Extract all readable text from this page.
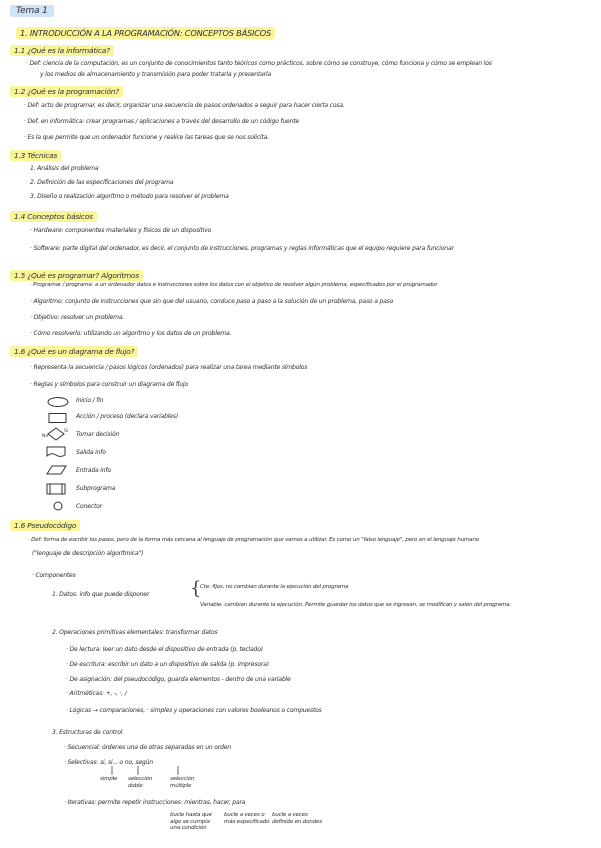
Tema 1
1. INTRODUCCIÓN A LA PROGRAMACIÓN: CONCEPTOS BÁSICOS
1.1 ¿Qué es la informática?
· Def: ciencia de la computación, es un conjunto de conocimientos tanto teóricos como prácticos, sobre cómo se construye, cómo funciona y cómo se emplean los
y los medios de almacenamiento y transmisión para poder tratarla y presentarla
1.2 ¿Qué es la programación?
· Def: acto de programar, es decir, organizar una secuencia de pasos ordenados a seguir para hacer cierta cosa.
· Def. en informática: crear programas / aplicaciones a través del desarrollo de un código fuente
· Es la que permite que un ordenador funcione y realice las tareas que se nos solicita.
1.3 Técnicas
1. Análisis del problema
2. Definición de las especificaciones del programa
3. Diseño o realización algoritmo o método para resolver el problema
1.4 Conceptos básicos
· Hardware: componentes materiales y físicos de un dispositivo
· Software: parte digital del ordenador, es decir, el conjunto de instrucciones, programas y reglas informáticas que el equipo requiere para funcionar
1.5 ¿Qué es programar? Algoritmos
· Programar / programa: a un ordenador datos e instrucciones sobre los datos con el objetivo de resolver algún problema, especificados por el programador
· Algoritmo: conjunto de instrucciones que sin que del usuario, conduce paso a paso a la solución de un problema, paso a paso
· Objetivo: resolver un problema.
· Cómo resolverlo: utilizando un algoritmo y los datos de un problema.
1.6 ¿Qué es un diagrama de flujo?
· Representa la secuencia / pasos lógicos (ordenados) para realizar una tarea mediante símbolos
· Reglas y símbolos para construir un diagrama de flujo
Inicio / fin
Acción / proceso (declara variables)
Si
No	Tomar decisión
Salida info
Entrada info
Subprograma
Conector
1.6 Pseudocódigo
· Def: forma de escribir los pasos, pero de la forma más cercana al lenguaje de programación que vamos a utilizar. Es como un "falso lenguaje", pero en el lenguaje humano
("lenguaje de descripción algorítmica")
· Componentes
1. Datos: info que puede disponer {
Cte: fijos, no cambian durante la ejecución del programa
Variable: cambian durante la ejecución. Permite guardar los datos que se ingresan, se modifican y salen del programa.
2. Operaciones primitivas elementales: transformar datos
· De lectura: leer un dato desde el dispositivo de entrada (p. teclado)
· De escritura: escribir un dato a un dispositivo de salida (p. impresora)
· De asignación: del pseudocódigo, guarda elementos - dentro de una variable
· Aritméticas: +, -, ·, /
· Lógicas → comparaciones, · simples y operaciones con valores booleanos o compuestos
3. Estructuras de control
· Secuencial: órdenes una de otras separadas en un orden
· Selectivas: si, si... o no, según
simple selección doble
selección múltiple
· Iterativas: permite repetir instrucciones: mientras, hacer, para
bucle hasta que algo se cumpla una condición
bucle a veces o más especificado
bucle a veces definido en dondes
